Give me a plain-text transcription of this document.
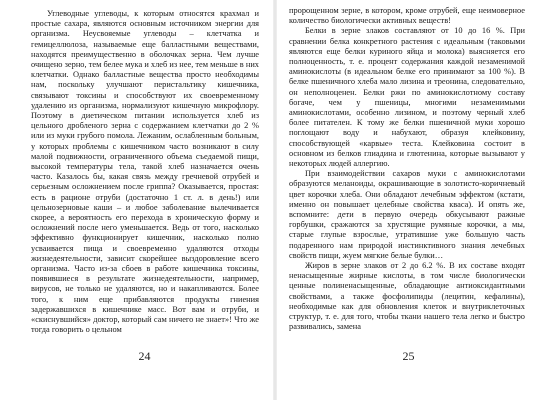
Углеводные углеводы, к которым относятся крахмал и простые сахара, являются основным источником энергии для организма. Неусвояемые углеводы – клетчатка и гемицеллюлоза, называемые еще балластными веществами, находятся преимущественно в оболочках зерна. Чем лучше очищено зерно, тем белее мука и хлеб из нее, тем меньше в них клетчатки. Однако балластные вещества просто необходимы нам, поскольку улучшают перистальтику кишечника, связывают токсины и способствуют их своевременному удалению из организма, нормализуют кишечную микрофлору. Поэтому в диетическом питании используется хлеб из цельного дробленого зерна с содержанием клетчатки до 2 % или из муки грубого помола. Лежаним, ослабленным больным, у которых проблемы с кишечником часто возникают в силу малой подвижности, ограниченного объема съедаемой пищи, высокой температуры тела, такой хлеб назначается очень часто. Казалось бы, какая связь между гречневой отрубей и серьезным осложнением после гриппа? Оказывается, простая: есть в рационе отруби (достаточно 1 ст. л. в день!) или цельнозерновые каши – и любое заболевание вылечивается скорее, а вероятность его перехода в хроническую форму и осложнений после него уменьшается. Ведь от того, насколько эффективно функционирует кишечник, насколько полно усваивается пища и своевременно удаляются отходы жизнедеятельности, зависит скорейшее выздоровление всего организма. Часто из-за сбоев в работе кишечника токсины, появившиеся в результате жизнедеятельности, например, вирусов, не только не удаляются, но и накапливаются. Более того, к ним еще прибавляются продукты гниения задержавшихся в кишечнике масс. Вот вам и отруби, и «скиснувшийся» доктор, который сам ничего не знает»! Что же тогда говорить о цельном

24

пророщенном зерне, в котором, кроме отрубей, еще неимоверное количество биологически активных веществ!

Белки в зерне злаков составляют от 10 до 16 %. При сравнении белка конкретного растения с идеальным (таковыми являются еще белки куриного яйца и молока) выясняется его полноценность, т. е. процент содержания каждой незаменимой аминокислоты (в идеальном белке его принимают за 100 %). В белке пшеничного хлеба мало лизина и треонина, следовательно, он неполноценен. Белки ржи по аминокислотному составу богаче, чем у пшеницы, многими незаменимыми аминокислотами, особенно лизином, и поэтому черный хлеб более питателен. К тому же белки пшеничной муки хорошо поглощают воду и набухают, образуя клейковину, способствующей «карвые» теста. Клейковина состоит в основном из белков глиадина и глютенина, которые вызывают у некоторых людей аллергию.

При взаимодействии сахаров муки с аминокислотами образуются меланоиды, окрашивающие в золотисто-коричневый цвет корочки хлеба. Они обладают лечебным эффектом (кстати, именно он повышает целебные свойства кваса). И опять же, вспомните: дети в первую очередь обкусывают ражные горбушки, сражаются за хрустящие румяные корочки, а мы, старые глупые взрослые, утратившие уже большую часть подаренного нам природой инстинктивного знания лечебных свойств пищи, жуем мягкие белые булки…

Жиров в зерне злаков от 2 до 6.2 %. В их составе входят ненасыщенные жирные кислоты, в том числе биологически ценные полиненасыщенные, обладающие антиоксидантными свойствами, а также фосфолипиды (лецитин, кефалины), необходимые как для обновления клеток и внутриклеточных структур, т. е. для того, чтобы ткани нашего тела легко и быстро развивались, замена

25
